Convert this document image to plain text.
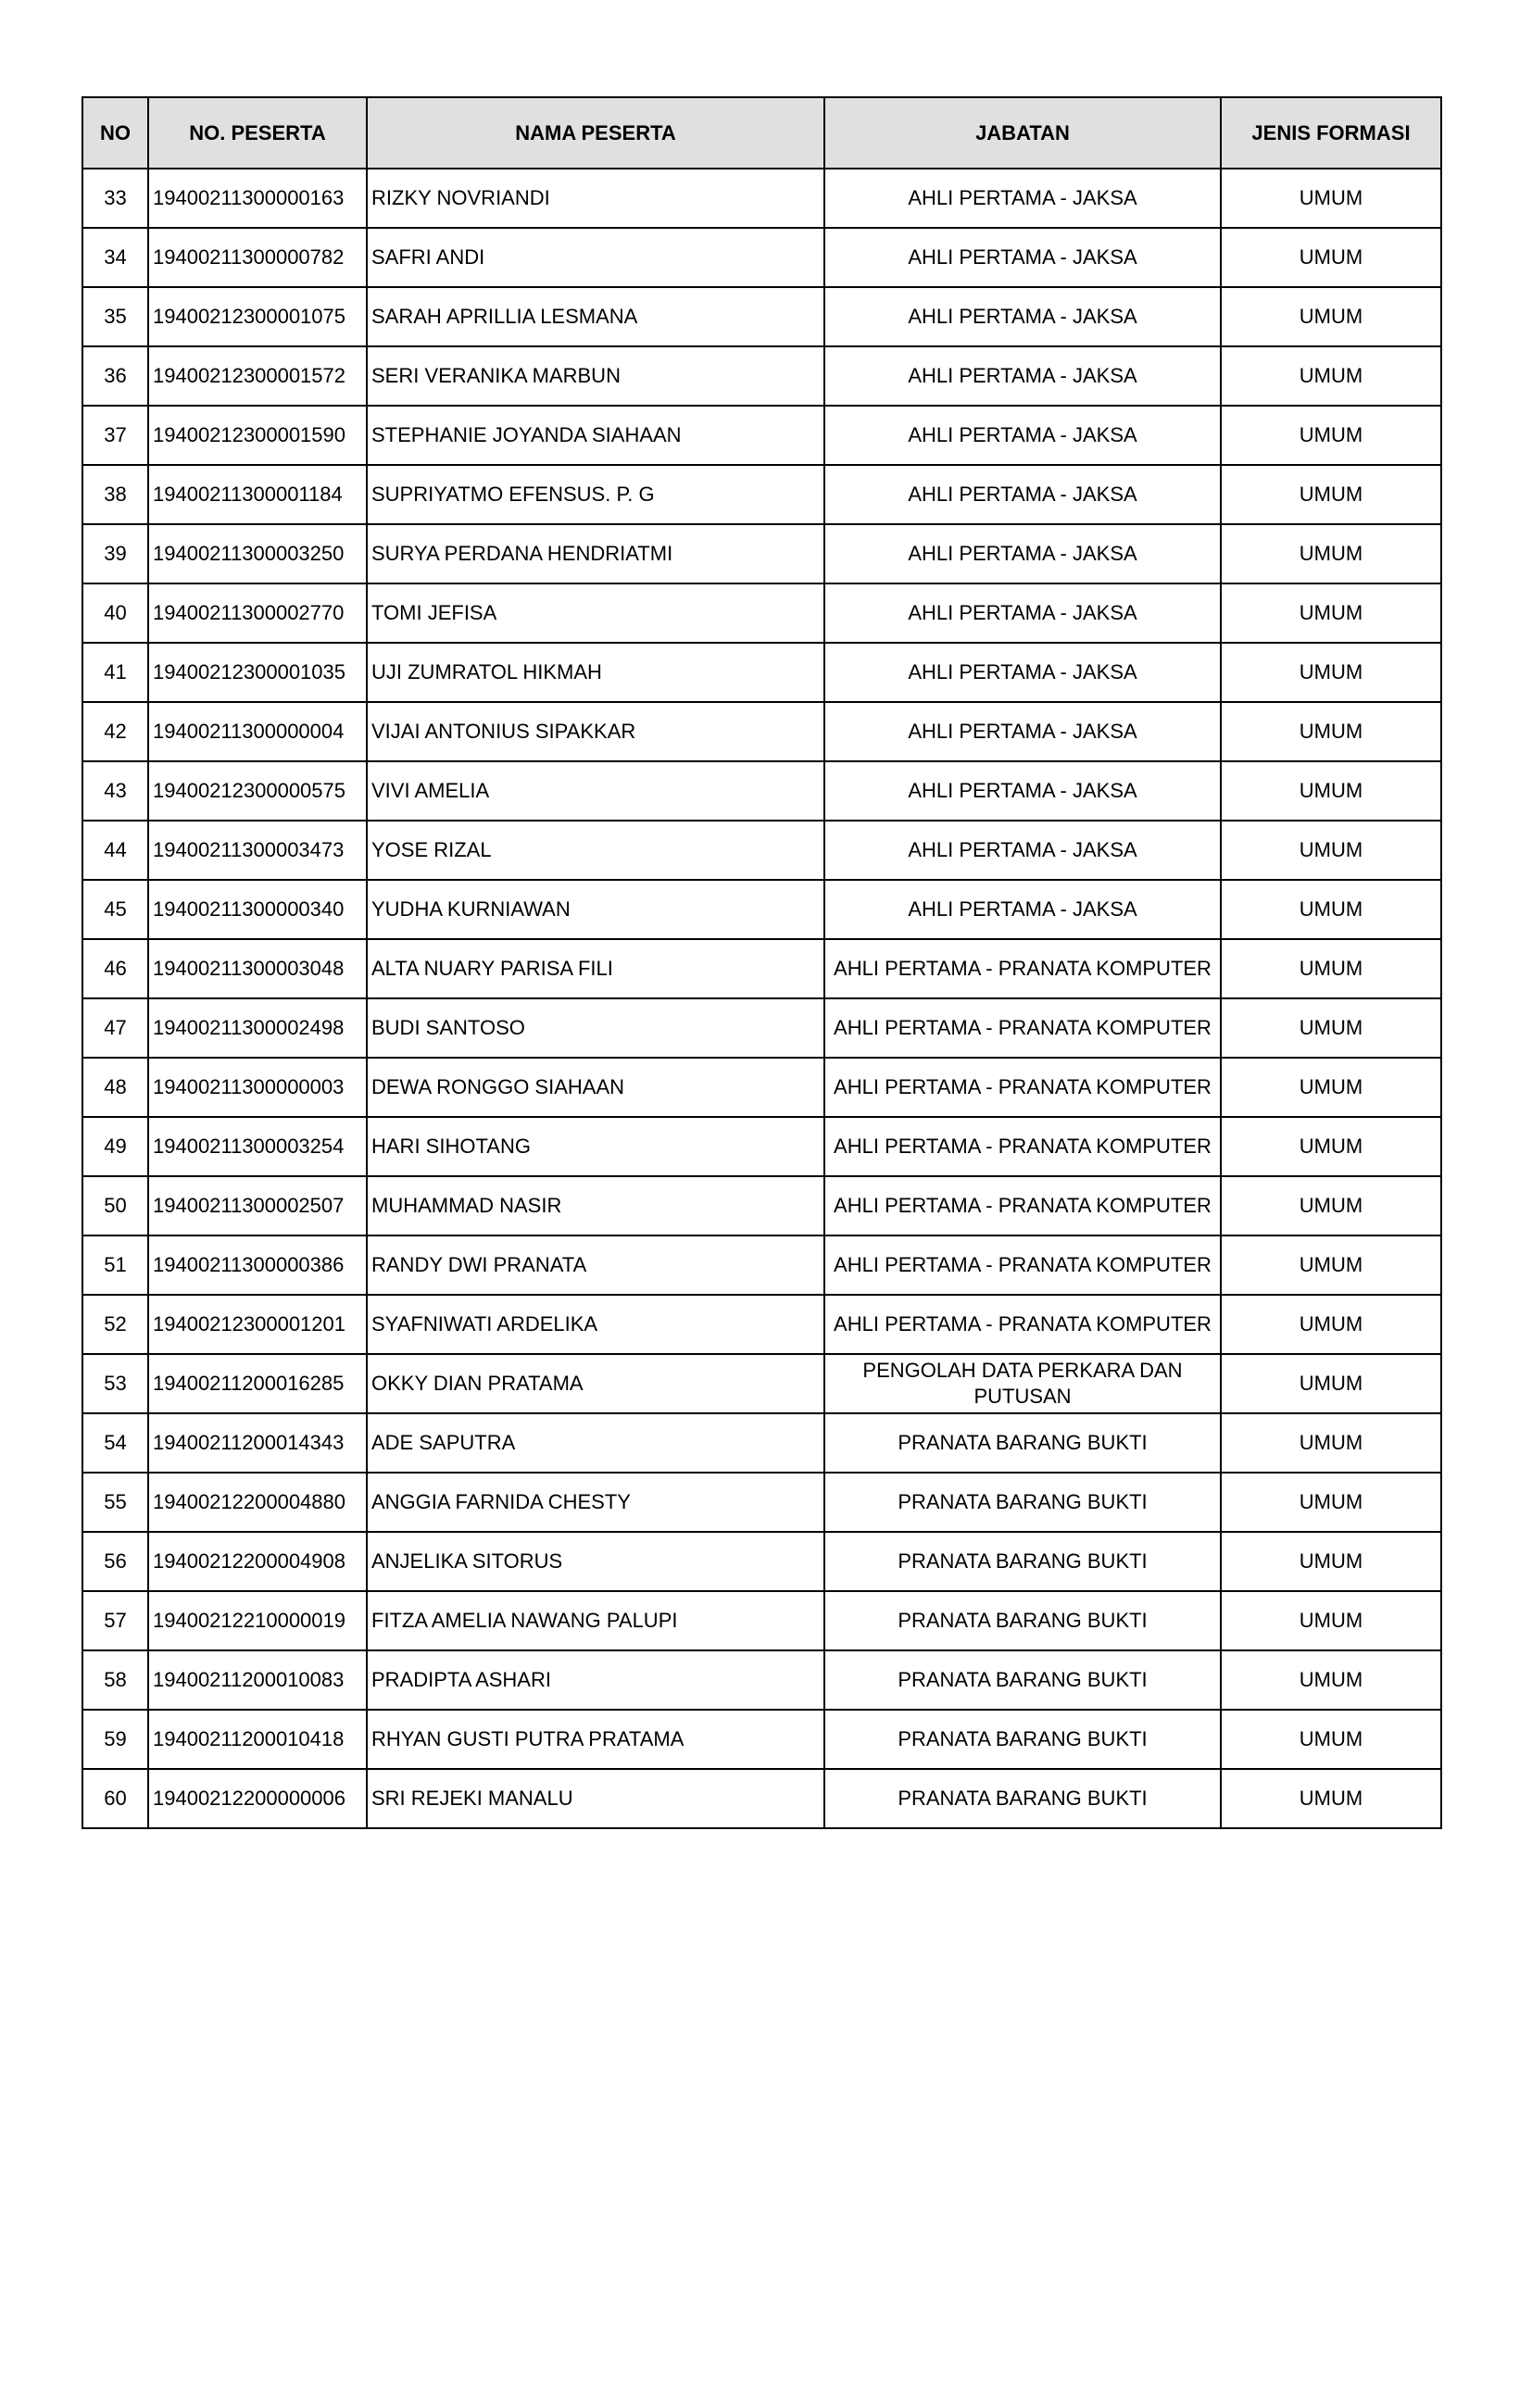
NO	NO. PESERTA	NAMA PESERTA	JABATAN	JENIS FORMASI
33	19400211300000163	RIZKY NOVRIANDI	AHLI PERTAMA - JAKSA	UMUM
34	19400211300000782	SAFRI ANDI	AHLI PERTAMA - JAKSA	UMUM
35	19400212300001075	SARAH APRILLIA LESMANA	AHLI PERTAMA - JAKSA	UMUM
36	19400212300001572	SERI VERANIKA MARBUN	AHLI PERTAMA - JAKSA	UMUM
37	19400212300001590	STEPHANIE JOYANDA SIAHAAN	AHLI PERTAMA - JAKSA	UMUM
38	19400211300001184	SUPRIYATMO EFENSUS. P. G	AHLI PERTAMA - JAKSA	UMUM
39	19400211300003250	SURYA PERDANA HENDRIATMI	AHLI PERTAMA - JAKSA	UMUM
40	19400211300002770	TOMI JEFISA	AHLI PERTAMA - JAKSA	UMUM
41	19400212300001035	UJI ZUMRATOL HIKMAH	AHLI PERTAMA - JAKSA	UMUM
42	19400211300000004	VIJAI ANTONIUS SIPAKKAR	AHLI PERTAMA - JAKSA	UMUM
43	19400212300000575	VIVI AMELIA	AHLI PERTAMA - JAKSA	UMUM
44	19400211300003473	YOSE RIZAL	AHLI PERTAMA - JAKSA	UMUM
45	19400211300000340	YUDHA KURNIAWAN	AHLI PERTAMA - JAKSA	UMUM
46	19400211300003048	ALTA NUARY PARISA FILI	AHLI PERTAMA - PRANATA KOMPUTER	UMUM
47	19400211300002498	BUDI SANTOSO	AHLI PERTAMA - PRANATA KOMPUTER	UMUM
48	19400211300000003	DEWA RONGGO SIAHAAN	AHLI PERTAMA - PRANATA KOMPUTER	UMUM
49	19400211300003254	HARI SIHOTANG	AHLI PERTAMA - PRANATA KOMPUTER	UMUM
50	19400211300002507	MUHAMMAD NASIR	AHLI PERTAMA - PRANATA KOMPUTER	UMUM
51	19400211300000386	RANDY DWI PRANATA	AHLI PERTAMA - PRANATA KOMPUTER	UMUM
52	19400212300001201	SYAFNIWATI ARDELIKA	AHLI PERTAMA - PRANATA KOMPUTER	UMUM
53	19400211200016285	OKKY DIAN PRATAMA	PENGOLAH DATA PERKARA DAN PUTUSAN	UMUM
54	19400211200014343	ADE SAPUTRA	PRANATA BARANG BUKTI	UMUM
55	19400212200004880	ANGGIA FARNIDA CHESTY	PRANATA BARANG BUKTI	UMUM
56	19400212200004908	ANJELIKA SITORUS	PRANATA BARANG BUKTI	UMUM
57	19400212210000019	FITZA AMELIA NAWANG PALUPI	PRANATA BARANG BUKTI	UMUM
58	19400211200010083	PRADIPTA ASHARI	PRANATA BARANG BUKTI	UMUM
59	19400211200010418	RHYAN GUSTI PUTRA PRATAMA	PRANATA BARANG BUKTI	UMUM
60	19400212200000006	SRI REJEKI MANALU	PRANATA BARANG BUKTI	UMUM
